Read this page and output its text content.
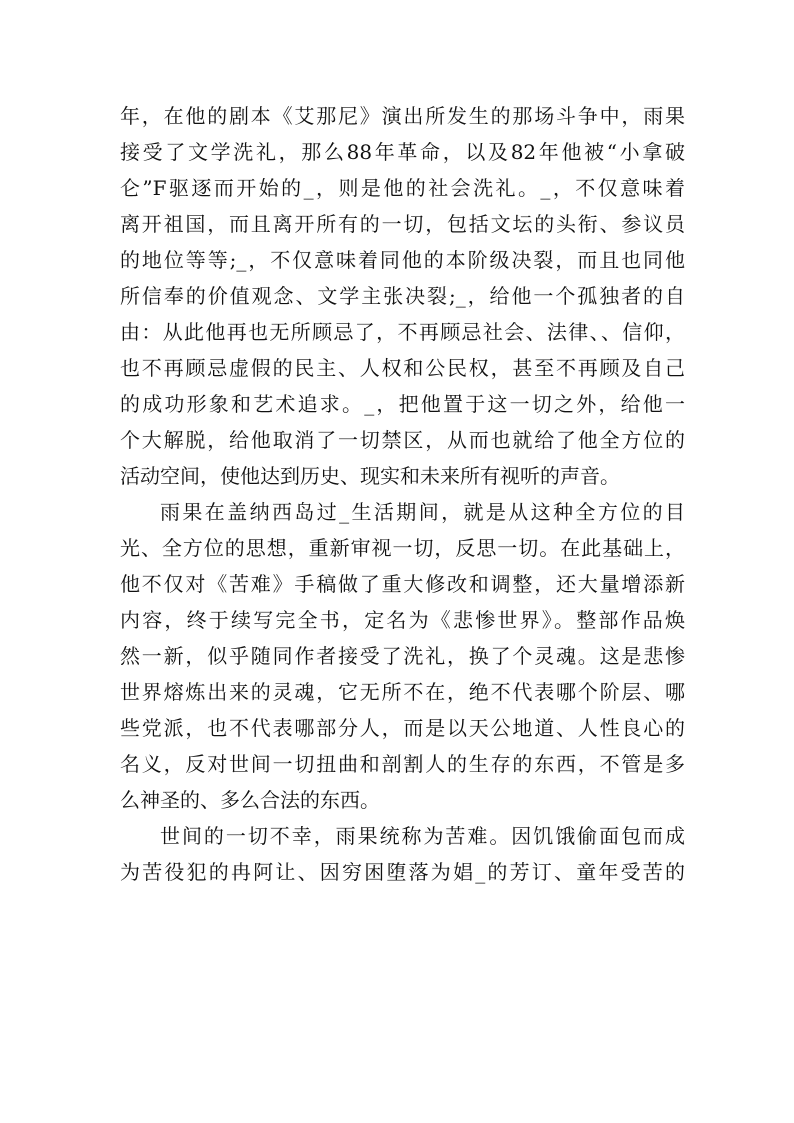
年，在他的剧本《艾那尼》演出所发生的那场斗争中，雨果
接受了文学洗礼，那么88年革命，以及82年他被“小拿破
仑”F驱逐而开始的_，则是他的社会洗礼。_，不仅意味着
离开祖国，而且离开所有的一切，包括文坛的头衔、参议员
的地位等等;_，不仅意味着同他的本阶级决裂，而且也同他
所信奉的价值观念、文学主张决裂;_，给他一个孤独者的自
由：从此他再也无所顾忌了，不再顾忌社会、法律、、信仰，
也不再顾忌虚假的民主、人权和公民权，甚至不再顾及自己
的成功形象和艺术追求。_，把他置于这一切之外，给他一
个大解脱，给他取消了一切禁区，从而也就给了他全方位的
活动空间，使他达到历史、现实和未来所有视听的声音。
雨果在盖纳西岛过_生活期间，就是从这种全方位的目
光、全方位的思想，重新审视一切，反思一切。在此基础上，
他不仅对《苦难》手稿做了重大修改和调整，还大量增添新
内容，终于续写完全书，定名为《悲惨世界》。整部作品焕
然一新，似乎随同作者接受了洗礼，换了个灵魂。这是悲惨
世界熔炼出来的灵魂，它无所不在，绝不代表哪个阶层、哪
些党派，也不代表哪部分人，而是以天公地道、人性良心的
名义，反对世间一切扭曲和剖割人的生存的东西，不管是多
么神圣的、多么合法的东西。
世间的一切不幸，雨果统称为苦难。因饥饿偷面包而成
为苦役犯的冉阿让、因穷困堕落为娼_的芳订、童年受苦的
